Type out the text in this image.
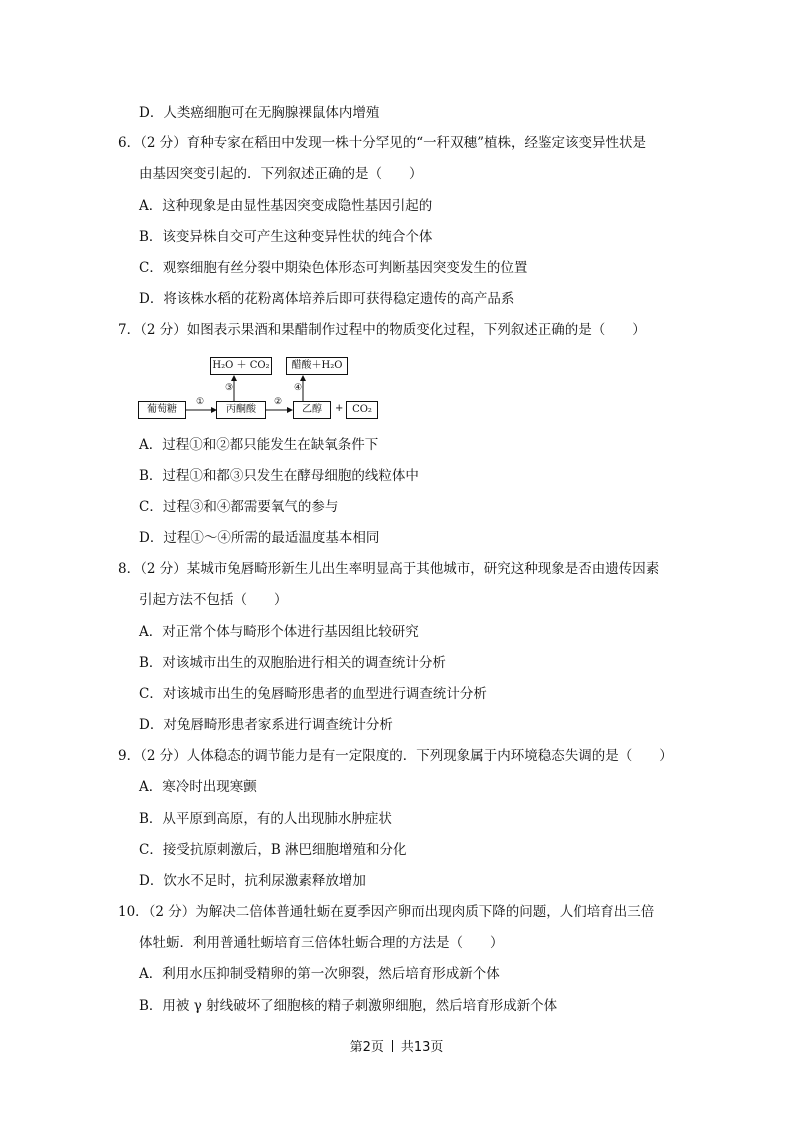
D．人类癌细胞可在无胸腺裸鼠体内增殖
6．（2 分）育种专家在稻田中发现一株十分罕见的“一秆双穗”植株，经鉴定该变异性状是
由基因突变引起的．下列叙述正确的是（　　）
A．这种现象是由显性基因突变成隐性基因引起的
B．该变异株自交可产生这种变异性状的纯合个体
C．观察细胞有丝分裂中期染色体形态可判断基因突变发生的位置
D．将该株水稻的花粉离体培养后即可获得稳定遗传的高产品系
7．（2 分）如图表示果酒和果醋制作过程中的物质变化过程，下列叙述正确的是（　　）
葡萄糖	丙酮酸	乙醇
H₂O ＋ CO₂	醋酸＋H₂O
+ CO₂
①	②
③	④
A．过程①和②都只能发生在缺氧条件下
B．过程①和都③只发生在酵母细胞的线粒体中
C．过程③和④都需要氧气的参与
D．过程①～④所需的最适温度基本相同
8．（2 分）某城市兔唇畸形新生儿出生率明显高于其他城市，研究这种现象是否由遗传因素
引起方法不包括（　　）
A．对正常个体与畸形个体进行基因组比较研究
B．对该城市出生的双胞胎进行相关的调查统计分析
C．对该城市出生的兔唇畸形患者的血型进行调查统计分析
D．对兔唇畸形患者家系进行调查统计分析
9．（2 分）人体稳态的调节能力是有一定限度的．下列现象属于内环境稳态失调的是（　　）
A．寒冷时出现寒颤
B．从平原到高原，有的人出现肺水肿症状
C．接受抗原刺激后，B 淋巴细胞增殖和分化
D．饮水不足时，抗利尿激素释放增加
10．（2 分）为解决二倍体普通牡蛎在夏季因产卵而出现肉质下降的问题，人们培育出三倍
体牡蛎．利用普通牡蛎培育三倍体牡蛎合理的方法是（　　）
A．利用水压抑制受精卵的第一次卵裂，然后培育形成新个体
B．用被 γ 射线破坏了细胞核的精子刺激卵细胞，然后培育形成新个体
第2页 共13页
